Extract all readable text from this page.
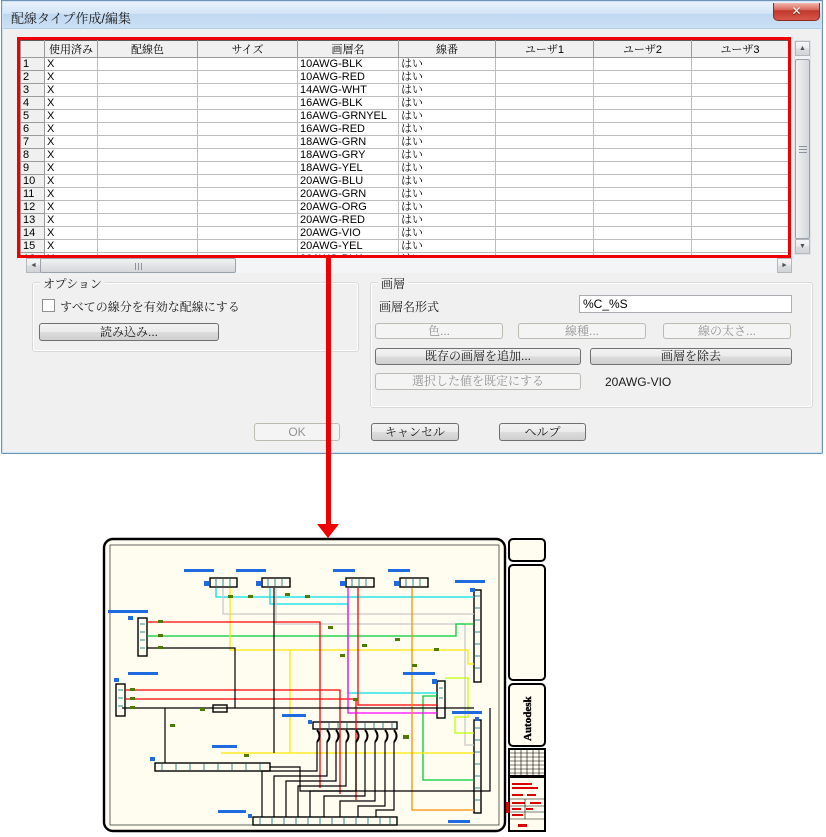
配線タイプ作成/編集	✕
	使用済み	配線色	サイズ	画層名	線番	ユーザ1	ユーザ2	ユーザ3
1	X			10AWG-BLK	はい			
2	X			10AWG-RED	はい			
3	X			14AWG-WHT	はい			
4	X			16AWG-BLK	はい			
5	X			16AWG-GRNYEL	はい			
6	X			16AWG-RED	はい			
7	X			18AWG-GRN	はい			
8	X			18AWG-GRY	はい			
9	X			18AWG-YEL	はい			
10	X			20AWG-BLU	はい			
11	X			20AWG-GRN	はい			
12	X			20AWG-ORG	はい			
13	X			20AWG-RED	はい			
14	X			20AWG-VIO	はい			
15	X			20AWG-YEL	はい			

▲
▼
◄	►
オプション
すべての線分を有効な配線にする
読み込み...
画層
画層名形式
%C_%S
色...	線種...	線の太さ...
既存の画層を追加...	画層を除去
選択した値を既定にする	20AWG-VIO
OK	キャンセル	ヘルプ
Autodesk
